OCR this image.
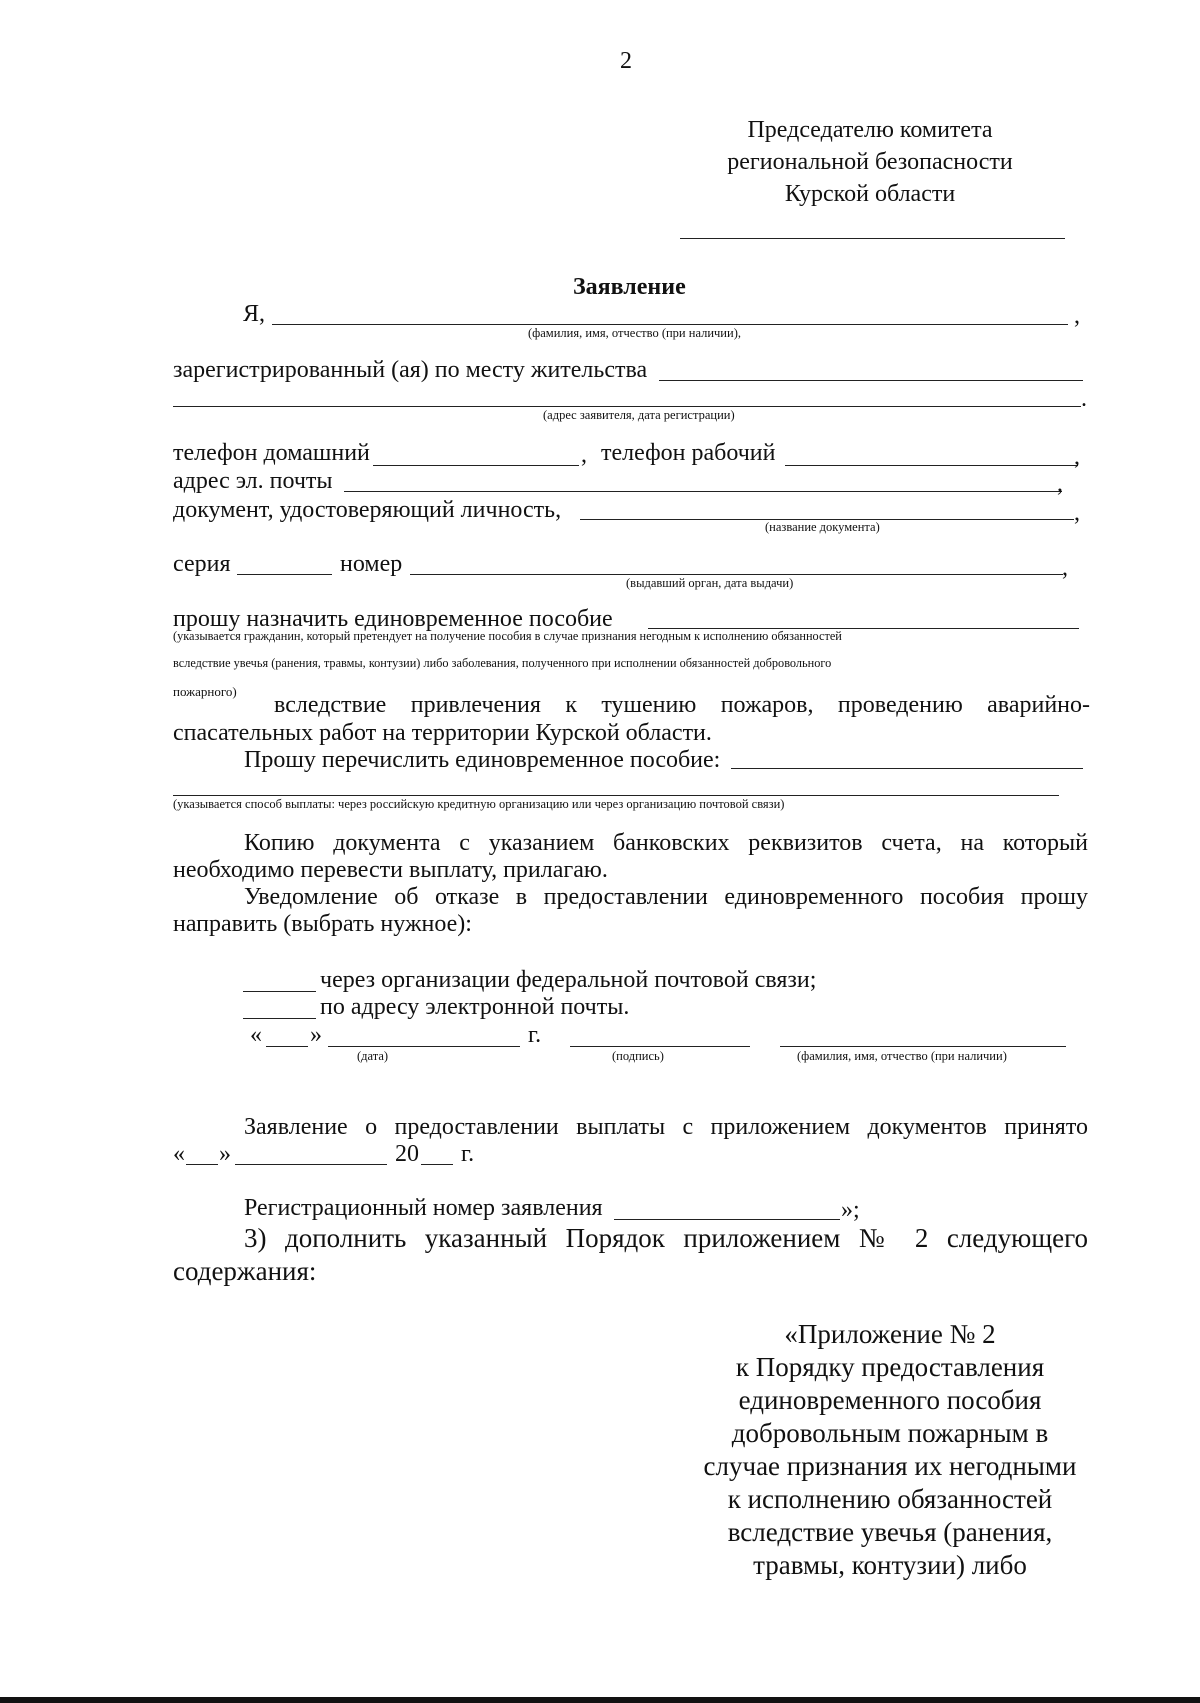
2
Председателю комитета
региональной безопасности
Курской области
Заявление
Я,	,
(фамилия, имя, отчество (при наличии),
зарегистрированный (ая) по месту жительства
.
(адрес заявителя, дата регистрации)
телефон домашний	, телефон рабочий	,
адрес эл. почты	,
документ, удостоверяющий личность,	,
(название документа)
серия	номер	,
(выдавший орган, дата выдачи)
прошу назначить единовременное пособие
(указывается гражданин, который претендует на получение пособия в случае признания негодным к исполнению обязанностей
вследствие увечья (ранения, травмы, контузии) либо заболевания, полученного при исполнении обязанностей добровольного
пожарного)
вследствие привлечения к тушению пожаров, проведению аварийно-
спасательных работ на территории Курской области.
Прошу перечислить единовременное пособие:
(указывается способ выплаты: через российскую кредитную организацию или через организацию почтовой связи)
Копию документа с указанием банковских реквизитов счета, на который
необходимо перевести выплату, прилагаю.
Уведомление об отказе в предоставлении единовременного пособия прошу
направить (выбрать нужное):
через организации федеральной почтовой связи;
по адресу электронной почты.
« »	г.
(дата)	(подпись)	(фамилия, имя, отчество (при наличии)
Заявление о предоставлении выплаты с приложением документов принято
« »	20 г.
Регистрационный номер заявления	»;
3) дополнить указанный Порядок приложением № 2 следующего
содержания:
«Приложение № 2
к Порядку предоставления
единовременного пособия
добровольным пожарным в
случае признания их негодными
к исполнению обязанностей
вследствие увечья (ранения,
травмы, контузии) либо
